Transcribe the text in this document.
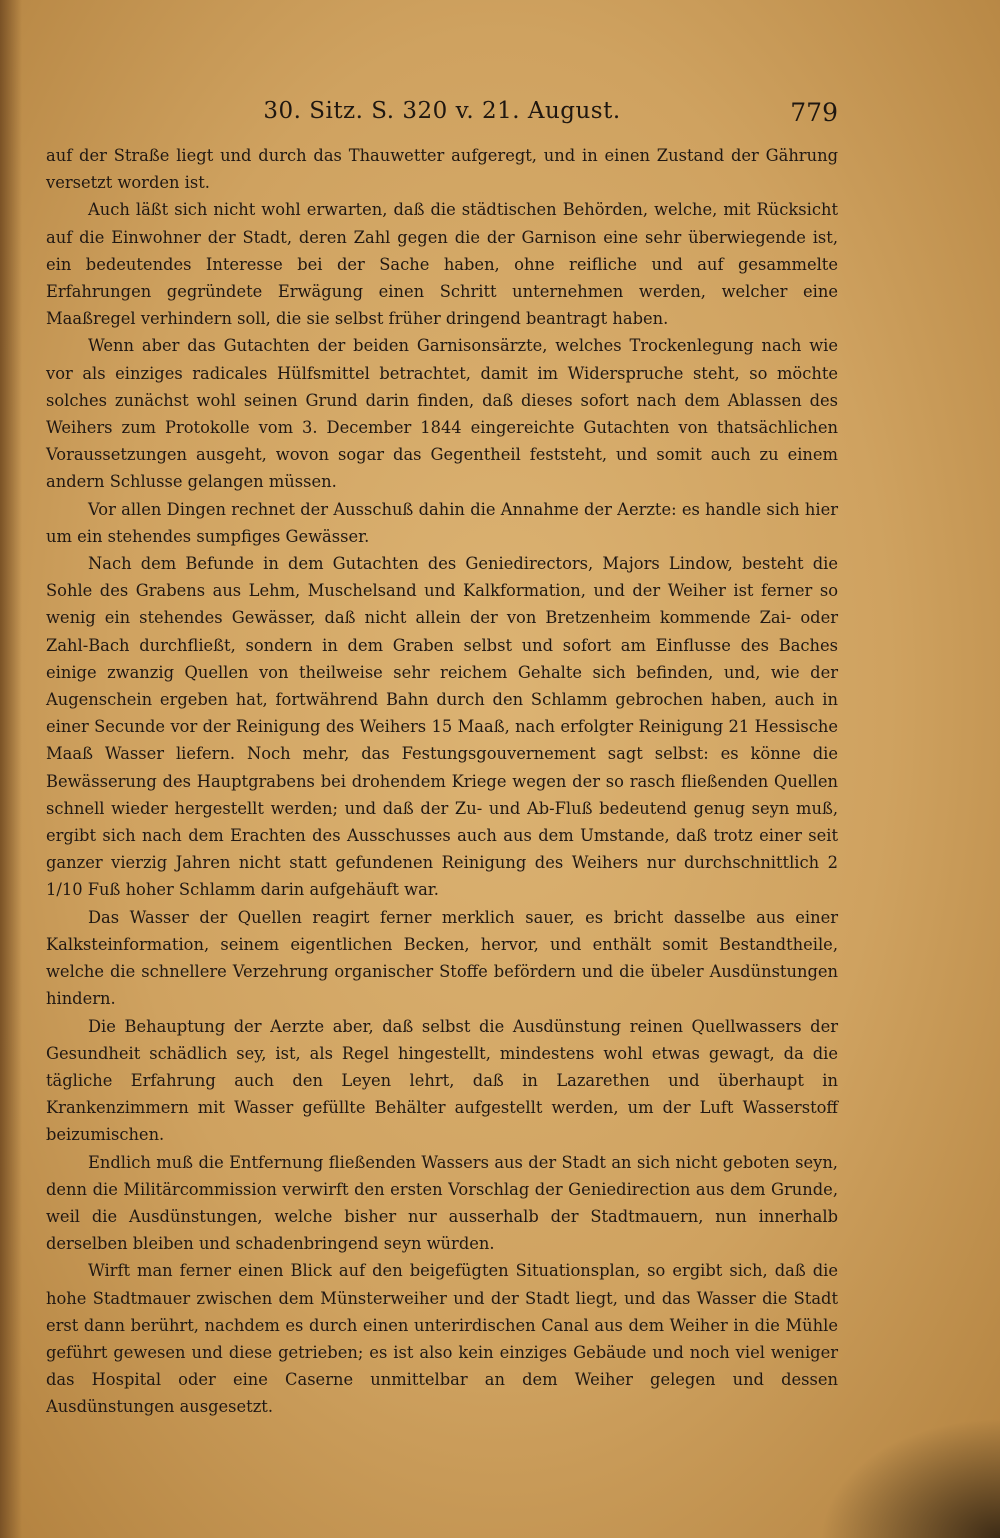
30. Sitz. S. 320 v. 21. August.	779

auf der Straße liegt und durch das Thauwetter aufgeregt, und in einen Zustand der Gährung versetzt worden ist.

Auch läßt sich nicht wohl erwarten, daß die städtischen Behörden, welche, mit Rücksicht auf die Einwohner der Stadt, deren Zahl gegen die der Garnison eine sehr überwiegende ist, ein bedeutendes Interesse bei der Sache haben, ohne reifliche und auf gesammelte Erfahrungen gegründete Erwägung einen Schritt unternehmen werden, welcher eine Maaßregel verhindern soll, die sie selbst früher dringend beantragt haben.

Wenn aber das Gutachten der beiden Garnisonsärzte, welches Trockenlegung nach wie vor als einziges radicales Hülfsmittel betrachtet, damit im Widerspruche steht, so möchte solches zunächst wohl seinen Grund darin finden, daß dieses sofort nach dem Ablassen des Weihers zum Protokolle vom 3. December 1844 eingereichte Gutachten von thatsächlichen Voraussetzungen ausgeht, wovon sogar das Gegentheil feststeht, und somit auch zu einem andern Schlusse gelangen müssen.

Vor allen Dingen rechnet der Ausschuß dahin die Annahme der Aerzte: es handle sich hier um ein stehendes sumpfiges Gewässer.

Nach dem Befunde in dem Gutachten des Geniedirectors, Majors Lindow, besteht die Sohle des Grabens aus Lehm, Muschelsand und Kalkformation, und der Weiher ist ferner so wenig ein stehendes Gewässer, daß nicht allein der von Bretzenheim kommende Zai- oder Zahl-Bach durchfließt, sondern in dem Graben selbst und sofort am Einflusse des Baches einige zwanzig Quellen von theilweise sehr reichem Gehalte sich befinden, und, wie der Augenschein ergeben hat, fortwährend Bahn durch den Schlamm gebrochen haben, auch in einer Secunde vor der Reinigung des Weihers 15 Maaß, nach erfolgter Reinigung 21 Hessische Maaß Wasser liefern. Noch mehr, das Festungsgouvernement sagt selbst: es könne die Bewässerung des Hauptgrabens bei drohendem Kriege wegen der so rasch fließenden Quellen schnell wieder hergestellt werden; und daß der Zu- und Ab-Fluß bedeutend genug seyn muß, ergibt sich nach dem Erachten des Ausschusses auch aus dem Umstande, daß trotz einer seit ganzer vierzig Jahren nicht statt gefundenen Reinigung des Weihers nur durchschnittlich 2 1/10 Fuß hoher Schlamm darin aufgehäuft war.

Das Wasser der Quellen reagirt ferner merklich sauer, es bricht dasselbe aus einer Kalksteinformation, seinem eigentlichen Becken, hervor, und enthält somit Bestandtheile, welche die schnellere Verzehrung organischer Stoffe befördern und die übeler Ausdünstungen hindern.

Die Behauptung der Aerzte aber, daß selbst die Ausdünstung reinen Quellwassers der Gesundheit schädlich sey, ist, als Regel hingestellt, mindestens wohl etwas gewagt, da die tägliche Erfahrung auch den Leyen lehrt, daß in Lazarethen und überhaupt in Krankenzimmern mit Wasser gefüllte Behälter aufgestellt werden, um der Luft Wasserstoff beizumischen.

Endlich muß die Entfernung fließenden Wassers aus der Stadt an sich nicht geboten seyn, denn die Militärcommission verwirft den ersten Vorschlag der Geniedirection aus dem Grunde, weil die Ausdünstungen, welche bisher nur ausserhalb der Stadtmauern, nun innerhalb derselben bleiben und schadenbringend seyn würden.

Wirft man ferner einen Blick auf den beigefügten Situationsplan, so ergibt sich, daß die hohe Stadtmauer zwischen dem Münsterweiher und der Stadt liegt, und das Wasser die Stadt erst dann berührt, nachdem es durch einen unterirdischen Canal aus dem Weiher in die Mühle geführt gewesen und diese getrieben; es ist also kein einziges Gebäude und noch viel weniger das Hospital oder eine Caserne unmittelbar an dem Weiher gelegen und dessen Ausdünstungen ausgesetzt.
